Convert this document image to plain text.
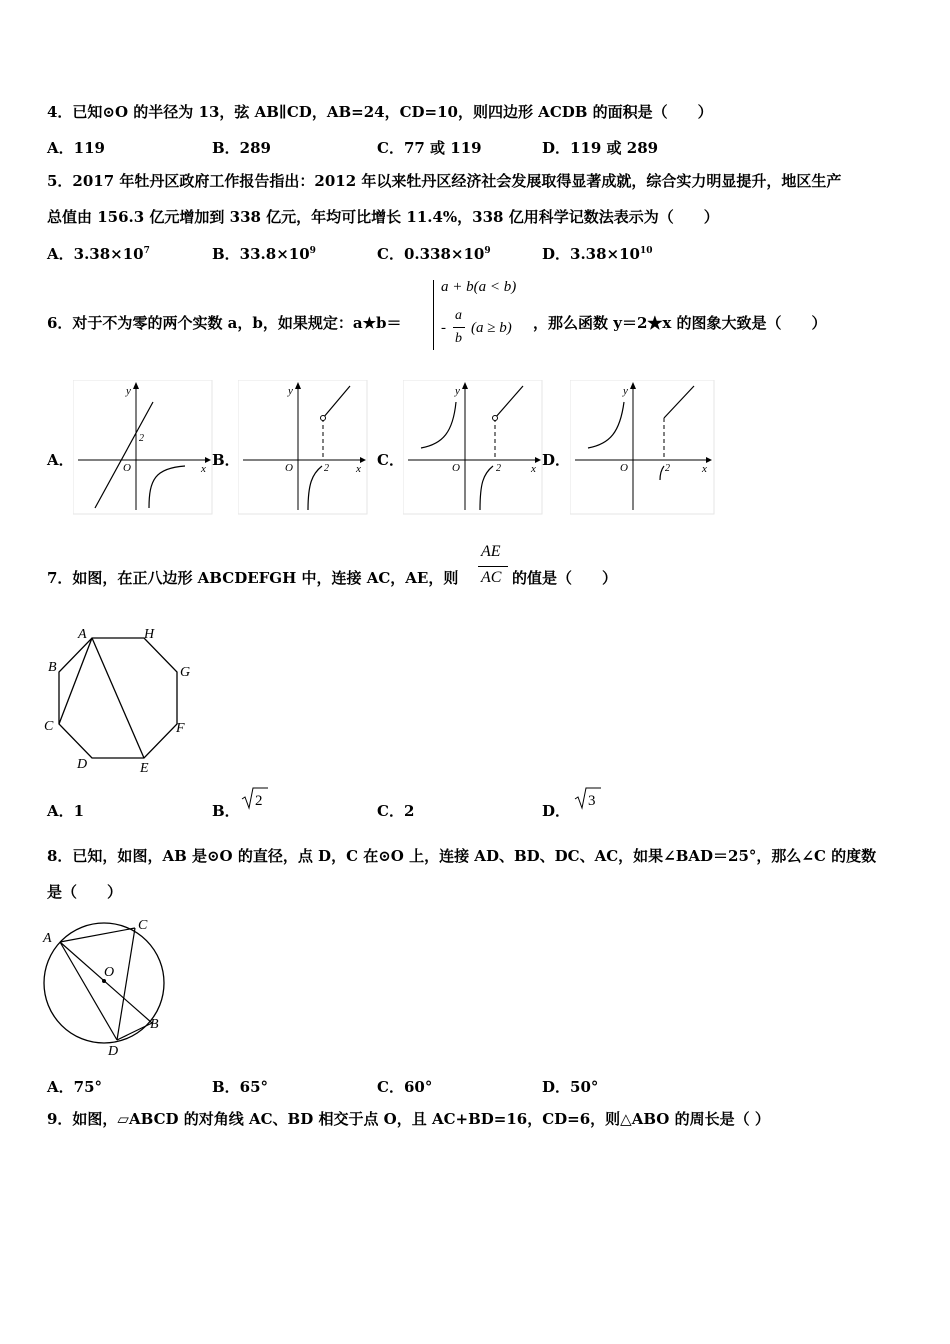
4．已知⊙O 的半径为 13，弦 AB∥CD，AB=24，CD=10，则四边形 ACDB 的面积是（　　）
A．119	B．289	C．77 或 119	D．119 或 289
5．2017 年牡丹区政府工作报告指出：2012 年以来牡丹区经济社会发展取得显著成就，综合实力明显提升，地区生产
总值由 156.3 亿元增加到 338 亿元，年均可比增长 11.4%，338 亿用科学记数法表示为（　　）
A．$3.38\times 10^7$	B．$33.8\times 10^9$	C．$0.338\times 10^9$	D．$3.38\times 10^{10}$
6．对于不为零的两个实数 a，b，如果规定：a★b＝
a + b(a < b)
-
a
b
(a ≥ b) ，那么函数 y＝2★x 的图象大致是（　　）
A．	B．	C．	D．
y
x
O
2
y
x
O	2
y
x
O	2
y
x
O	2
7．如图，在正八边形 ABCDEFGH 中，连接 AC，AE，则
AE
AC 的值是（　　）
A	H
G
F
E
D
C
B
A．1	B．
2
C．2	D．
3
8．已知，如图，AB 是⊙O 的直径，点 D，C 在⊙O 上，连接 AD、BD、DC、AC，如果∠BAD＝25°，那么∠C 的度数
是（　　）
A
C
O
B
D
A．75°	B．65°	C．60°	D．50°
9．如图，▱ABCD 的对角线 AC、BD 相交于点 O，且 AC+BD=16，CD=6，则△ABO 的周长是（ ）
